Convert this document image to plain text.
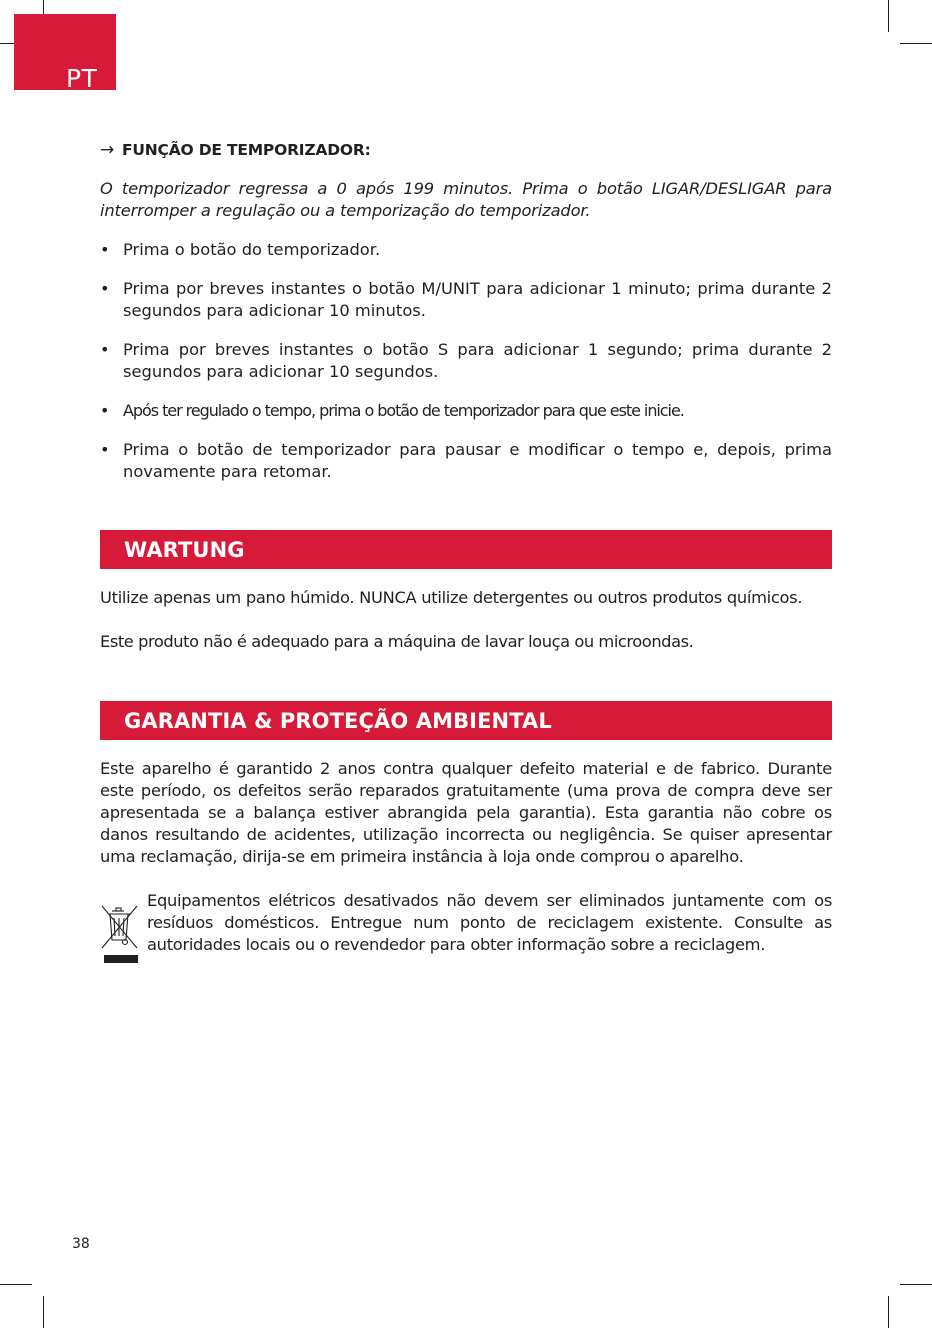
PT
→ FUNÇÃO DE TEMPORIZADOR:

O temporizador regressa a 0 após 199 minutos. Prima o botão LIGAR/DESLIGAR para interromper a regulação ou a temporização do temporizador.

• Prima o botão do temporizador.
• Prima por breves instantes o botão M/UNIT para adicionar 1 minuto; prima durante 2 segundos para adicionar 10 minutos.
• Prima por breves instantes o botão S para adicionar 1 segundo; prima durante 2 segundos para adicionar 10 segundos.
• Após ter regulado o tempo, prima o botão de temporizador para que este inicie.
• Prima o botão de temporizador para pausar e modificar o tempo e, depois, prima novamente para retomar.
WARTUNG

Utilize apenas um pano húmido. NUNCA utilize detergentes ou outros produtos químicos.

Este produto não é adequado para a máquina de lavar louça ou microondas.

GARANTIA & PROTEÇÃO AMBIENTAL

Este aparelho é garantido 2 anos contra qualquer defeito material e de fabrico. Durante este período, os defeitos serão reparados gratuitamente (uma prova de compra deve ser apresentada se a balança estiver abrangida pela garantia). Esta garantia não cobre os danos resultando de acidentes, utilização incorrecta ou negligência. Se quiser apresentar uma reclamação, dirija-se em primeira instância à loja onde comprou o aparelho.

Equipamentos elétricos desativados não devem ser eliminados juntamente com os resíduos domésticos. Entregue num ponto de reciclagem existente. Consulte as autoridades locais ou o revendedor para obter informação sobre a reciclagem.

38
